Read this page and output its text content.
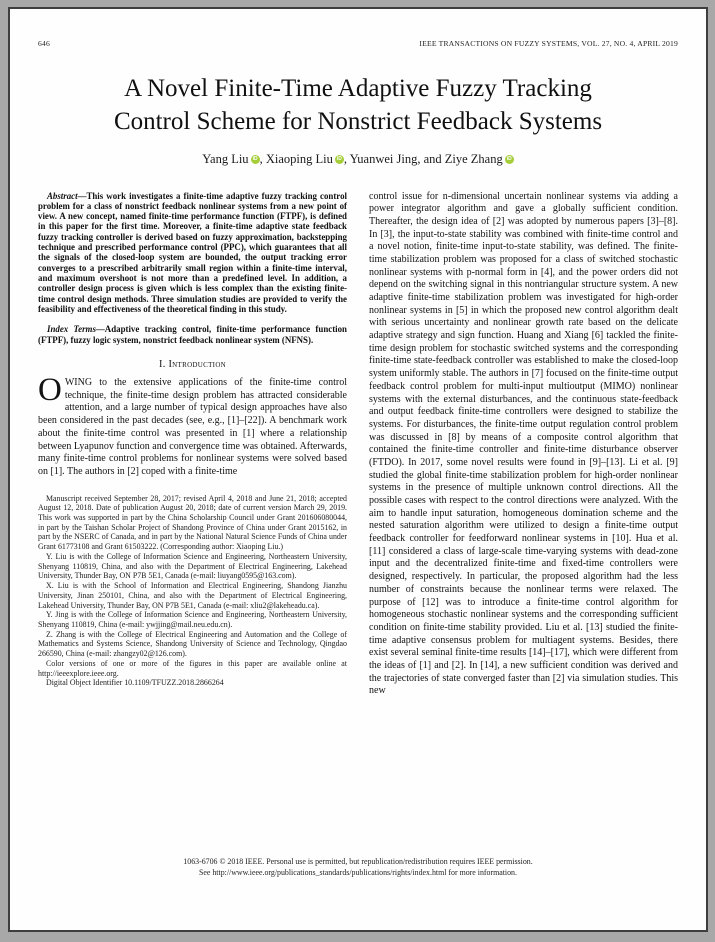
646	IEEE TRANSACTIONS ON FUZZY SYSTEMS, VOL. 27, NO. 4, APRIL 2019
A Novel Finite-Time Adaptive Fuzzy Tracking Control Scheme for Nonstrict Feedback Systems
Yang Liu iD , Xiaoping Liu iD , Yuanwei Jing, and Ziye Zhang iD

Abstract—This work investigates a finite-time adaptive fuzzy tracking control problem for a class of nonstrict feedback nonlinear systems from a new point of view. A new concept, named finite-time performance function (FTPF), is defined in this paper for the first time. Moreover, a finite-time adaptive state feedback fuzzy tracking controller is derived based on fuzzy approximation, backstepping technique and prescribed performance control (PPC), which guarantees that all the signals of the closed-loop system are bounded, the output tracking error converges to a prescribed arbitrarily small region within a finite-time interval, and maximum overshoot is not more than a predefined level. In addition, a controller design process is given which is less complex than the existing finite-time control design methods. Three simulation studies are provided to verify the feasibility and effectiveness of the theoretical finding in this study.

Index Terms—Adaptive tracking control, finite-time performance function (FTPF), fuzzy logic system, nonstrict feedback nonlinear system (NFNS).

I. Introduction

OWING to the extensive applications of the finite-time control technique, the finite-time design problem has attracted considerable attention, and a large number of typical design approaches have also been considered in the past decades (see, e.g., [1]–[22]). A benchmark work about the finite-time control was presented in [1] where a relationship between Lyapunov function and convergence time was obtained. Afterwards, many finite-time control problems for nonlinear systems were solved based on [1]. The authors in [2] coped with a finite-time

Manuscript received September 28, 2017; revised April 4, 2018 and June 21, 2018; accepted August 12, 2018. Date of publication August 20, 2018; date of current version March 29, 2019. This work was supported in part by the China Scholarship Council under Grant 201606080044, in part by the Taishan Scholar Project of Shandong Province of China under Grant 2015162, in part by the NSERC of Canada, and in part by the National Natural Science Funds of China under Grant 61773108 and Grant 61503222. (Corresponding author: Xiaoping Liu.)

Y. Liu is with the College of Information Science and Engineering, Northeastern University, Shenyang 110819, China, and also with the Department of Electrical Engineering, Lakehead University, Thunder Bay, ON P7B 5E1, Canada (e-mail: liuyang0595@163.com).

X. Liu is with the School of Information and Electrical Engineering, Shandong Jianzhu University, Jinan 250101, China, and also with the Department of Electrical Engineering, Lakehead University, Thunder Bay, ON P7B 5E1, Canada (e-mail: xliu2@lakeheadu.ca).

Y. Jing is with the College of Information Science and Engineering, Northeastern University, Shenyang 110819, China (e-mail: ywjjing@mail.neu.edu.cn).

Z. Zhang is with the College of Electrical Engineering and Automation and the College of Mathematics and Systems Science, Shandong University of Science and Technology, Qingdao 266590, China (e-mail: zhangzy02@126.com).

Color versions of one or more of the figures in this paper are available online at http://ieeexplore.ieee.org.

Digital Object Identifier 10.1109/TFUZZ.2018.2866264

control issue for n-dimensional uncertain nonlinear systems via adding a power integrator algorithm and gave a globally sufficient condition. Thereafter, the design idea of [2] was adopted by numerous papers [3]–[8]. In [3], the input-to-state stability was combined with finite-time control and a novel notion, finite-time input-to-state stability, was defined. The finite-time stabilization problem was proposed for a class of switched stochastic nonlinear systems with p-normal form in [4], and the power orders did not depend on the switching signal in this nontriangular structure system. A new adaptive finite-time stabilization problem was investigated for high-order nonlinear systems in [5] in which the proposed new control algorithm dealt with serious uncertainty and nonlinear growth rate based on the delicate adaptive strategy and sign function. Huang and Xiang [6] tackled the finite-time design problem for stochastic switched systems and the corresponding finite-time state-feedback controller was established to make the closed-loop system uniformly stable. The authors in [7] focused on the finite-time output feedback control problem for multi-input multioutput (MIMO) nonlinear systems with the external disturbances, and the continuous state-feedback and output feedback finite-time controllers were designed to stabilize the systems. For disturbances, the finite-time output regulation control problem was discussed in [8] by means of a composite control algorithm that contained the finite-time controller and finite-time disturbance observer (FTDO). In 2017, some novel results were found in [9]–[13]. Li et al. [9] studied the global finite-time stabilization problem for high-order nonlinear systems in the presence of multiple unknown control directions. All the possible cases with respect to the control directions were analyzed. With the aim to handle input saturation, homogeneous domination scheme and the nested saturation algorithm were utilized to design a finite-time output feedback controller for feedforward nonlinear systems in [10]. Hua et al. [11] considered a class of large-scale time-varying systems with dead-zone input and the decentralized finite-time and fixed-time controllers were designed, respectively. In particular, the proposed algorithm had the less number of constraints because the nonlinear terms were relaxed. The purpose of [12] was to introduce a finite-time control algorithm for homogeneous stochastic nonlinear systems and the corresponding sufficient condition on finite-time stability provided. Liu et al. [13] studied the finite-time adaptive consensus problem for multiagent systems. Besides, there exist several seminal finite-time results [14]–[17], which were different from the ideas of [1] and [2]. In [14], a new sufficient condition was derived and the trajectories of state converged faster than [2] via simulation studies. This new

1063-6706 © 2018 IEEE. Personal use is permitted, but republication/redistribution requires IEEE permission.
See http://www.ieee.org/publications_standards/publications/rights/index.html for more information.
